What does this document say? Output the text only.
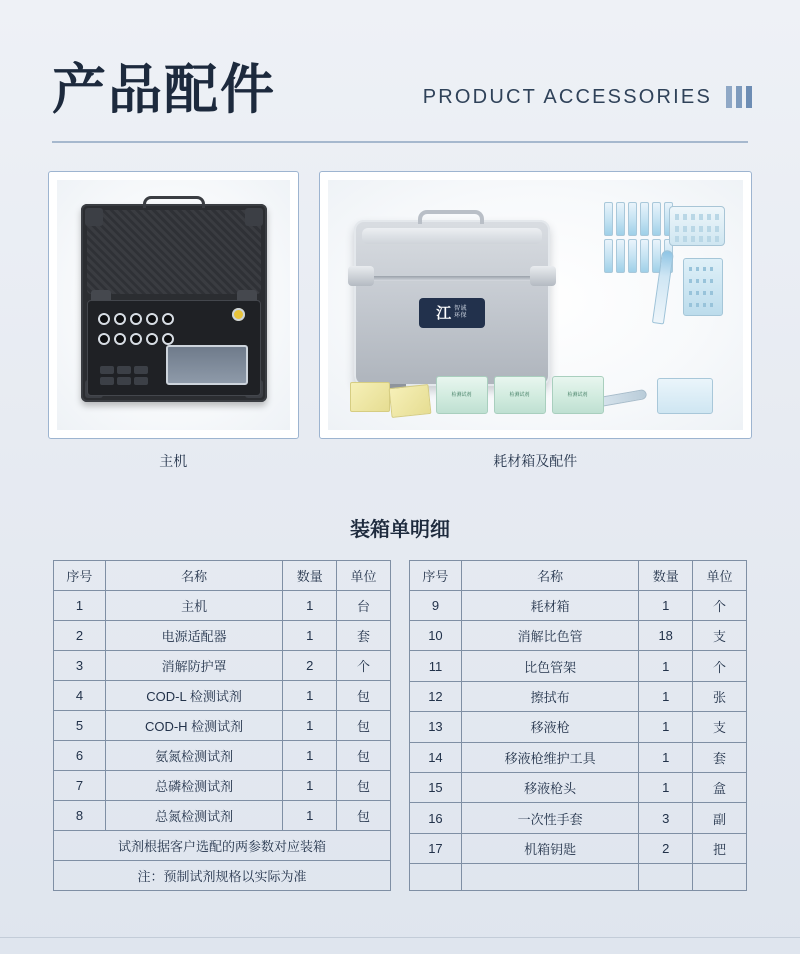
产品配件	PRODUCT ACCESSORIES
江 智诚
环保
检测试剂	检测试剂	检测试剂
主机	耗材箱及配件
装箱单明细
序号	名称	数量	单位
1	主机	1	台
2	电源适配器	1	套
3	消解防护罩	2	个
4	COD-L 检测试剂	1	包
5	COD-H 检测试剂	1	包
6	氨氮检测试剂	1	包
7	总磷检测试剂	1	包
8	总氮检测试剂	1	包
试剂根据客户选配的两参数对应装箱			
注：预制试剂规格以实际为准			
序号	名称	数量	单位
9	耗材箱	1	个
10	消解比色管	18	支
11	比色管架	1	个
12	擦拭布	1	张
13	移液枪	1	支
14	移液枪维护工具	1	套
15	移液枪头	1	盒
16	一次性手套	3	副
17	机箱钥匙	2	把
